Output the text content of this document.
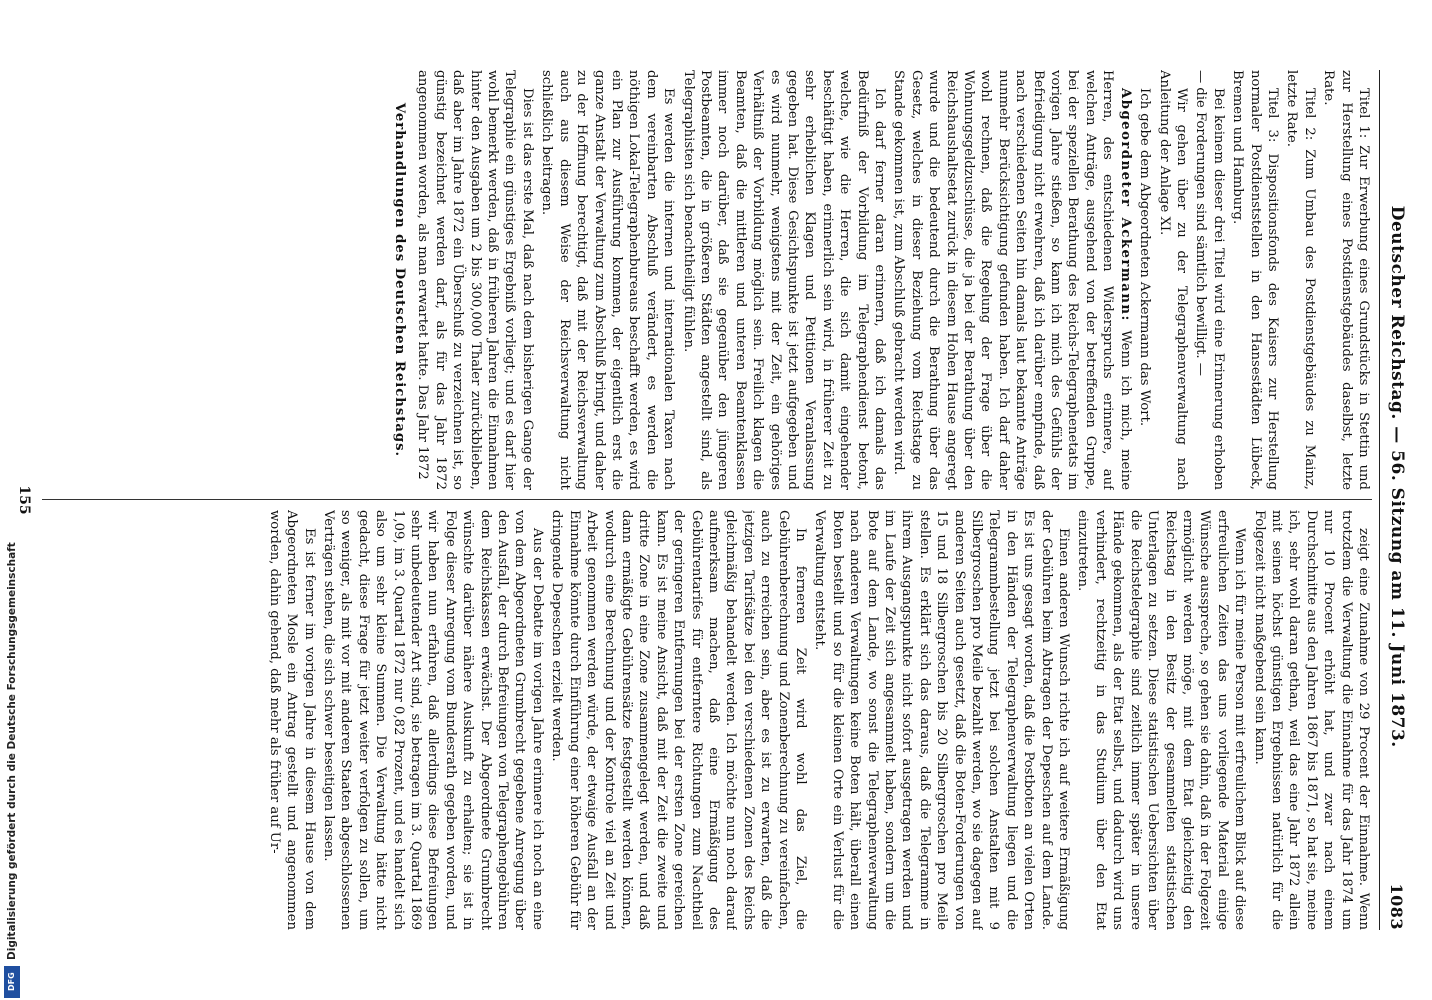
Digitalisierung gefördert durch die Deutsche Forschungsgemeinschaft
DFG
Deutscher Reichstag. — 56. Sitzung am 11. Juni 1873.
1083

Titel 1: Zur Erwerbung eines Grundstücks in Stettin und zur Herstellung eines Postdienstgebäudes daselbst, letzte Rate.

Titel 2: Zum Umbau des Postdienstgebäudes zu Mainz, letzte Rate.

Titel 3: Dispositionsfonds des Kaisers zur Herstellung normaler Postdienststellen in den Hansestädten Lübeck, Bremen und Hamburg.

Bei keinem dieser drei Titel wird eine Erinnerung erhoben — die Forderungen sind sämtlich bewilligt. —

Wir gehen über zu der Telegraphenverwaltung nach Anleitung der Anlage XI.

Ich gebe dem Abgeordneten Ackermann das Wort.

Abgeordneter Ackermann: Wenn ich mich, meine Herren, des entschiedenen Widerspruchs erinnere, auf welchen Anträge, ausgehend von der betreffenden Gruppe, bei der speziellen Berathung des Reichs-Telegraphenetats im vorigen Jahre stießen, so kann ich mich des Gefühls der Befriedigung nicht erwehren, daß ich darüber empfinde, daß nach verschiedenen Seiten hin damals laut bekannte Anträge nunmehr Berücksichtigung gefunden haben. Ich darf daher wohl rechnen, daß die Regelung der Frage über die Wohnungsgeldzuschüsse, die ja bei der Berathung über den Reichshaushaltsetat zurück in diesem Hohen Hause angeregt wurde und die bedeutend durch die Berathung über das Gesetz, welches in dieser Beziehung vom Reichstage zu Stande gekommen ist, zum Abschluß gebracht werden wird.

Ich darf ferner daran erinnern, daß ich damals das Bedürfniß der Vorbildung im Telegraphendienst betont, welche, wie die Herren, die sich damit eingehender beschäftigt haben, erinnerlich sein wird, in früherer Zeit zu sehr erheblichen Klagen und Petitionen Veranlassung gegeben hat. Diese Gesichtspunkte ist jetzt aufgegeben und es wird nunmehr, wenigstens mit der Zeit, ein gehöriges Verhältniß der Vorbildung möglich sein. Freilich klagen die Beamten, daß die mittleren und unteren Beamtenklassen immer noch darüber, daß sie gegenüber den jüngeren Postbeamten, die in größeren Städten angestellt sind, als Telegraphisten sich benachtheiligt fühlen.

Es werden die internen und internationalen Taxen nach dem vereinbarten Abschluß verändert, es werden die nöthigen Lokal-Telegraphenbureaus beschafft werden, es wird ein Plan zur Ausführung kommen, der eigentlich erst die ganze Anstalt der Verwaltung zum Abschluß bringt, und daher zu der Hoffnung berechtigt, daß mit der Reichsverwaltung auch aus diesem Weise der Reichsverwaltung nicht schließlich beitragen.

Dies ist das erste Mal, daß nach dem bisherigen Gange der Telegraphie ein günstiges Ergebniß vorliegt; und es darf hier wohl bemerkt werden, daß in früheren Jahren die Einnahmen hinter den Ausgaben um 2 bis 300,000 Thaler zurückblieben, daß aber im Jahre 1872 ein Überschuß zu verzeichnen ist, so günstig bezeichnet werden darf, als für das Jahr 1872 angenommen worden, als man erwartet hatte. Das Jahr 1872

Verhandlungen des Deutschen Reichstags.

zeigt eine Zunahme von 29 Procent der Einnahme. Wenn trotzdem die Verwaltung die Einnahme für das Jahr 1874 um nur 10 Procent erhöht hat, und zwar nach einem Durchschnitte aus den Jahren 1867 bis 1871, so hat sie, meine ich, sehr wohl daran gethan, weil das eine Jahr 1872 allein mit seinen höchst günstigen Ergebnissen natürlich für die Folgezeit nicht maßgebend sein kann.

Wenn ich für meine Person mit erfreulichem Blick auf diese erfreulichen Zeiten das uns vorliegende Material einige Wünsche ausspreche, so gehen sie dahin, daß in der Folgezeit ermöglicht werden möge, mit dem Etat gleichzeitig den Reichstag in den Besitz der gesammelten statistischen Unterlagen zu setzen. Diese statistischen Uebersichten über die Reichstelegraphie sind zeitlich immer später in unsere Hände gekommen, als der Etat selbst, und dadurch wird uns verhindert, rechtzeitig in das Studium über den Etat einzutreten.

Einen anderen Wunsch richte ich auf weitere Ermäßigung der Gebühren beim Abtragen der Depeschen auf dem Lande. Es ist uns gesagt worden, daß die Postboten an vielen Orten in den Händen der Telegraphenverwaltung liegen und die Telegrammbestellung jetzt bei solchen Anstalten mit 9 Silbergroschen pro Meile bezahlt werden, wo sie dagegen auf anderen Seiten auch gesetzt, daß die Boten-Forderungen von 15 und 18 Silbergroschen bis 20 Silbergroschen pro Meile stellen. Es erklärt sich das daraus, daß die Telegramme in ihrem Ausgangspunkte nicht sofort ausgetragen werden und im Laufe der Zeit sich angesammelt haben, sondern um die Bote auf dem Lande, wo sonst die Telegraphenverwaltung nach anderen Verwaltungen keine Boten hält, überall einen Boten bestellt und so für die kleinen Orte ein Verlust für die Verwaltung entsteht.

In ferneren Zeit wird wohl das Ziel, die Gebührenberechnung und Zonenberechnung zu vereinfachen, auch zu erreichen sein, aber es ist zu erwarten, daß die jetzigen Tarifsätze bei den verschiedenen Zonen des Reichs gleichmäßig behandelt werden. Ich möchte nun noch darauf aufmerksam machen, daß eine Ermäßigung des Gebührentarifes für entferntere Richtungen zum Nachtheil der geringeren Entfernungen bei der ersten Zone gereichen kann. Es ist meine Ansicht, daß mit der Zeit die zweite und dritte Zone in eine Zone zusammengelegt werden, und daß dann ermäßigte Gebührensätze festgestellt werden können, wodurch eine Berechnung und der Kontrole viel an Zeit und Arbeit genommen werden würde, der etwaige Ausfall an der Einnahme könnte durch Einführung einer höheren Gebühr für dringende Depeschen erzielt werden.

Aus der Debatte im vorigen Jahre erinnere ich noch an eine von dem Abgeordneten Grumbrecht gegebene Anregung über den Ausfall, der durch Befreiungen von Telegraphengebühren dem Reichskassen erwächst. Der Abgeordnete Grumbrecht wünschte darüber nähere Auskunft zu erhalten; sie ist in Folge dieser Anregung vom Bundesrath gegeben worden, und wir haben nun erfahren, daß allerdings diese Befreiungen sehr unbedeutender Art sind, sie betragen im 3. Quartal 1869 1,09, im 3. Quartal 1872 nur 0,82 Prozent, und es handelt sich also um sehr kleine Summen. Die Verwaltung hätte nicht gedacht, diese Frage für jetzt weiter verfolgen zu sollen, um so weniger, als mit vor mit anderen Staaten abgeschlossenen Verträgen stehen, die sich schwer beseitigen lassen.

Es ist ferner im vorigen Jahre in diesem Hause von dem Abgeordneten Mosle ein Antrag gestellt und angenommen worden, dahin gehend, daß mehr als früher auf Ur-

155
